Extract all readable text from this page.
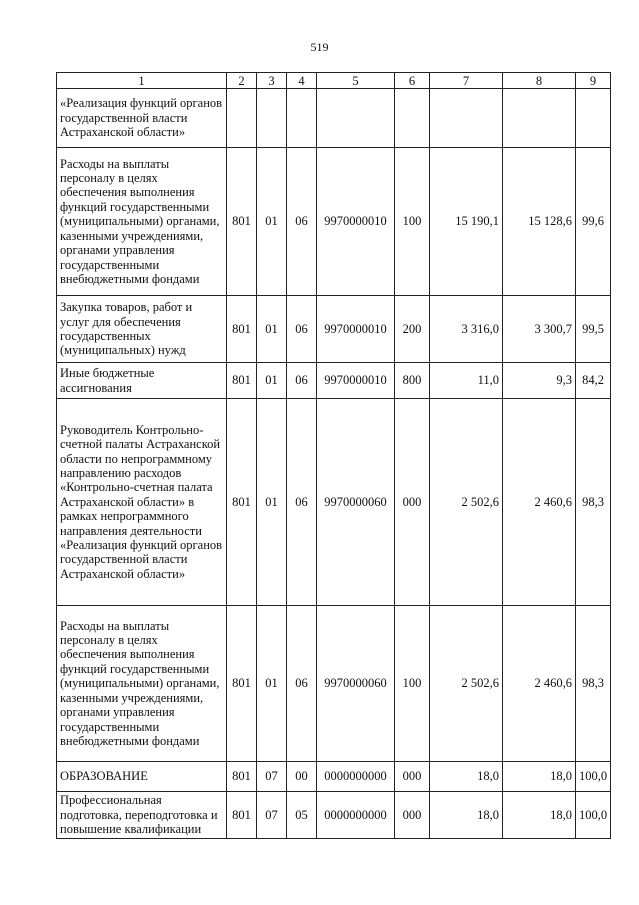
519
1	2	3	4	5	6	7	8	9
«Реализация функций органов государственной власти Астраханской области»								
Расходы на выплаты персоналу в целях обеспечения выполнения функций государственными (муниципальными) органами, казенными учреждениями, органами управления государственными внебюджетными фондами	801	01	06	9970000010	100	15 190,1	15 128,6	99,6
Закупка товаров, работ и услуг для обеспечения государственных (муниципальных) нужд	801	01	06	9970000010	200	3 316,0	3 300,7	99,5
Иные бюджетные ассигнования	801	01	06	9970000010	800	11,0	9,3	84,2
Руководитель Контрольно-счетной палаты Астраханской области по непрограммному направлению расходов «Контрольно-счетная палата Астраханской области» в рамках непрограммного направления деятельности «Реализация функций органов государственной власти Астраханской области»	801	01	06	9970000060	000	2 502,6	2 460,6	98,3
Расходы на выплаты персоналу в целях обеспечения выполнения функций государственными (муниципальными) органами, казенными учреждениями, органами управления государственными внебюджетными фондами	801	01	06	9970000060	100	2 502,6	2 460,6	98,3
ОБРАЗОВАНИЕ	801	07	00	0000000000	000	18,0	18,0	100,0
Профессиональная подготовка, переподготовка и повышение квалификации	801	07	05	0000000000	000	18,0	18,0	100,0
